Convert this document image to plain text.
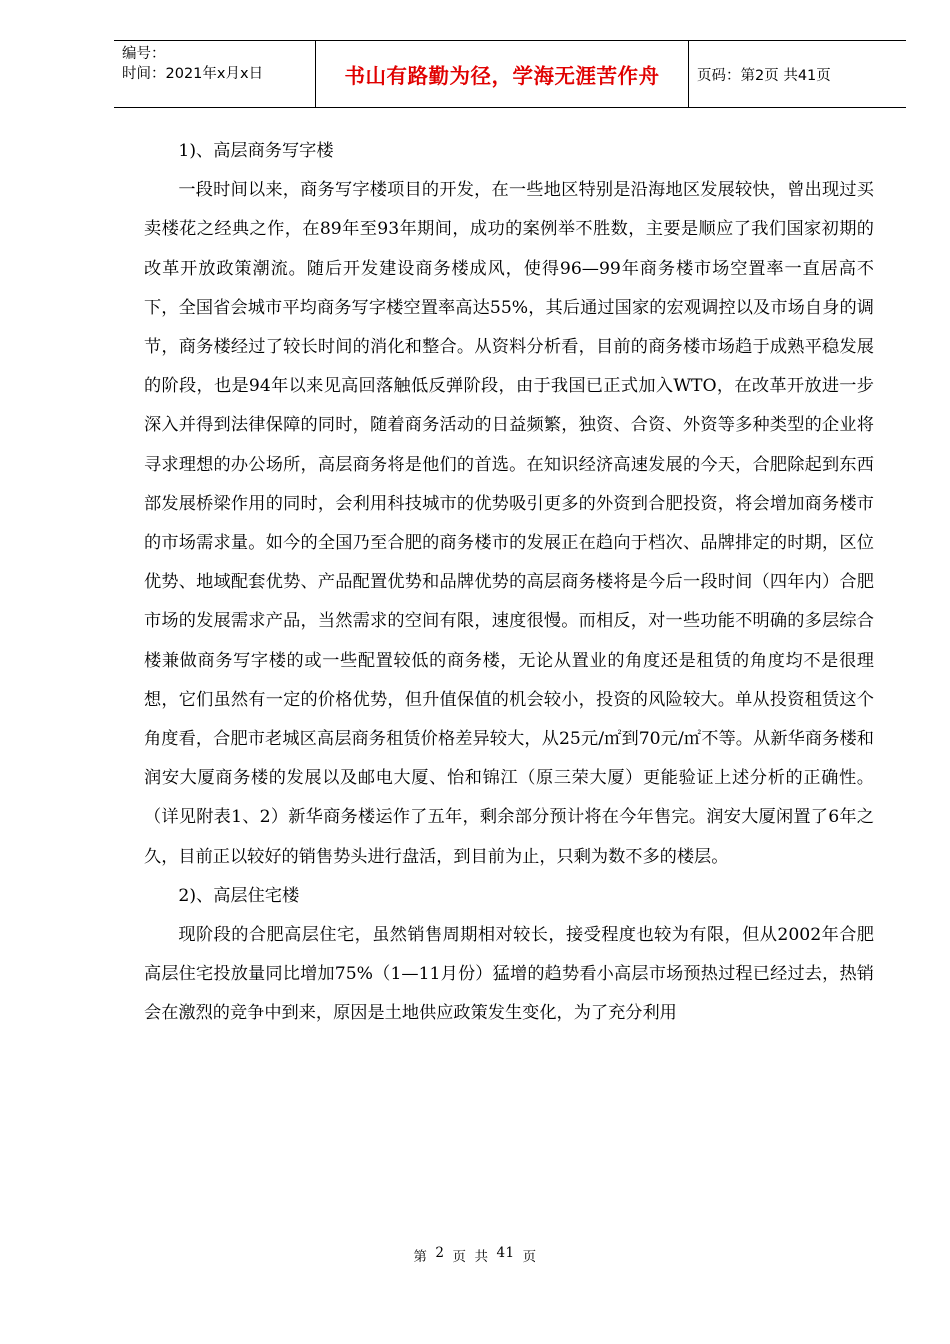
编号：
时间：2021年x月x日	书山有路勤为径，学海无涯苦作舟	页码：第2页 共41页

1)、高层商务写字楼

一段时间以来，商务写字楼项目的开发，在一些地区特别是沿海地区发展较快，曾出现过买卖楼花之经典之作，在89年至93年期间，成功的案例举不胜数，主要是顺应了我们国家初期的改革开放政策潮流。随后开发建设商务楼成风，使得96—99年商务楼市场空置率一直居高不下，全国省会城市平均商务写字楼空置率高达55%，其后通过国家的宏观调控以及市场自身的调节，商务楼经过了较长时间的消化和整合。从资料分析看，目前的商务楼市场趋于成熟平稳发展的阶段，也是94年以来见高回落触低反弹阶段，由于我国已正式加入WTO，在改革开放进一步深入并得到法律保障的同时，随着商务活动的日益频繁，独资、合资、外资等多种类型的企业将寻求理想的办公场所，高层商务将是他们的首选。在知识经济高速发展的今天，合肥除起到东西部发展桥梁作用的同时，会利用科技城市的优势吸引更多的外资到合肥投资，将会增加商务楼市的市场需求量。如今的全国乃至合肥的商务楼市的发展正在趋向于档次、品牌排定的时期，区位优势、地域配套优势、产品配置优势和品牌优势的高层商务楼将是今后一段时间（四年内）合肥市场的发展需求产品，当然需求的空间有限，速度很慢。而相反，对一些功能不明确的多层综合楼兼做商务写字楼的或一些配置较低的商务楼，无论从置业的角度还是租赁的角度均不是很理想，它们虽然有一定的价格优势，但升值保值的机会较小，投资的风险较大。单从投资租赁这个角度看，合肥市老城区高层商务租赁价格差异较大，从25元/㎡到70元/㎡不等。从新华商务楼和润安大厦商务楼的发展以及邮电大厦、怡和锦江（原三荣大厦）更能验证上述分析的正确性。（详见附表1、2）新华商务楼运作了五年，剩余部分预计将在今年售完。润安大厦闲置了6年之久，目前正以较好的销售势头进行盘活，到目前为止，只剩为数不多的楼层。

2)、高层住宅楼

现阶段的合肥高层住宅，虽然销售周期相对较长，接受程度也较为有限，但从2002年合肥高层住宅投放量同比增加75%（1—11月份）猛增的趋势看小高层市场预热过程已经过去，热销会在激烈的竞争中到来，原因是土地供应政策发生变化，为了充分利用

第 2 页 共 41 页
